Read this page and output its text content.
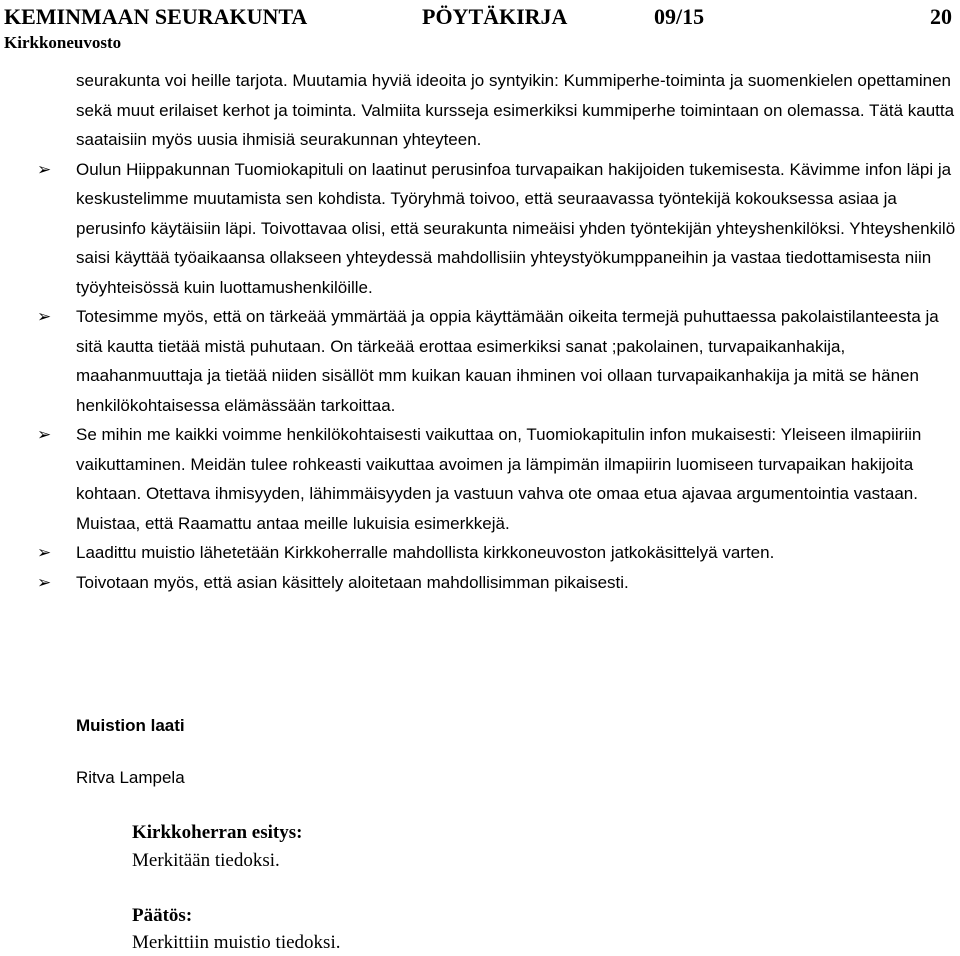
KEMINMAAN SEURAKUNTA	PÖYTÄKIRJA	09/15	20
Kirkkoneuvosto

seurakunta voi heille tarjota. Muutamia hyviä ideoita jo syntyikin: Kummiperhe-toiminta ja suomenkielen opettaminen sekä muut erilaiset kerhot ja toiminta. Valmiita kursseja esimerkiksi kummiperhe toimintaan on olemassa. Tätä kautta saataisiin myös uusia ihmisiä seurakunnan yhteyteen.

➢ Oulun Hiippakunnan Tuomiokapituli on laatinut perusinfoa turvapaikan hakijoiden tukemisesta. Kävimme infon läpi ja keskustelimme muutamista sen kohdista. Työryhmä toivoo, että seuraavassa työntekijä kokouksessa asiaa ja perusinfo käytäisiin läpi. Toivottavaa olisi, että seurakunta nimeäisi yhden työntekijän yhteyshenkilöksi. Yhteyshenkilö saisi käyttää työaikaansa ollakseen yhteydessä mahdollisiin yhteystyökumppaneihin ja vastaa tiedottamisesta niin työyhteisössä kuin luottamushenkilöille.
➢ Totesimme myös, että on tärkeää ymmärtää ja oppia käyttämään oikeita termejä puhuttaessa pakolaistilanteesta ja sitä kautta tietää mistä puhutaan. On tärkeää erottaa esimerkiksi sanat ;pakolainen, turvapaikanhakija, maahanmuuttaja ja tietää niiden sisällöt mm kuikan kauan ihminen voi ollaan turvapaikanhakija ja mitä se hänen henkilökohtaisessa elämässään tarkoittaa.
➢ Se mihin me kaikki voimme henkilökohtaisesti vaikuttaa on, Tuomiokapitulin infon mukaisesti: Yleiseen ilmapiiriin vaikuttaminen. Meidän tulee rohkeasti vaikuttaa avoimen ja lämpimän ilmapiirin luomiseen turvapaikan hakijoita kohtaan. Otettava ihmisyyden, lähimmäisyyden ja vastuun vahva ote omaa etua ajavaa argumentointia vastaan. Muistaa, että Raamattu antaa meille lukuisia esimerkkejä.
➢ Laadittu muistio lähetetään Kirkkoherralle mahdollista kirkkoneuvoston jatkokäsittelyä varten.
➢ Toivotaan myös, että asian käsittely aloitetaan mahdollisimman pikaisesti.
Muistion laati
Ritva Lampela
Kirkkoherran esitys:
Merkitään tiedoksi.
Päätös:
Merkittiin muistio tiedoksi.
